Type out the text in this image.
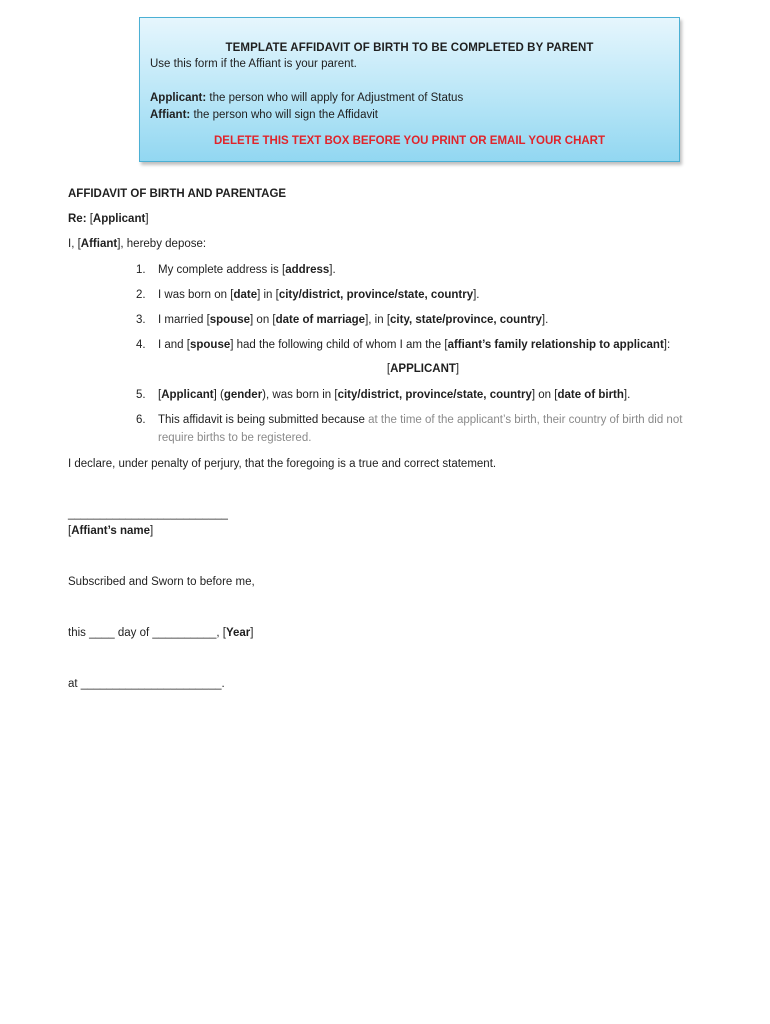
TEMPLATE AFFIDAVIT OF BIRTH TO BE COMPLETED BY PARENT
Use this form if the Affiant is your parent.
Applicant: the person who will apply for Adjustment of Status
Affiant: the person who will sign the Affidavit
DELETE THIS TEXT BOX BEFORE YOU PRINT OR EMAIL YOUR CHART
AFFIDAVIT OF BIRTH AND PARENTAGE
Re: [Applicant]
I, [Affiant], hereby depose:
1. My complete address is [address].
2. I was born on [date] in [city/district, province/state, country].
3. I married [spouse] on [date of marriage], in [city, state/province, country].
4. I and [spouse] had the following child of whom I am the [affiant’s family relationship to applicant]:
[APPLICANT]
5. [Applicant] (gender), was born in [city/district, province/state, country] on [date of birth].
6. This affidavit is being submitted because at the time of the applicant’s birth, their country of birth did not require births to be registered.
I declare, under penalty of perjury, that the foregoing is a true and correct statement.
_________________________
[Affiant’s name]
Subscribed and Sworn to before me,
this ____ day of __________, [Year]
at ______________________.
